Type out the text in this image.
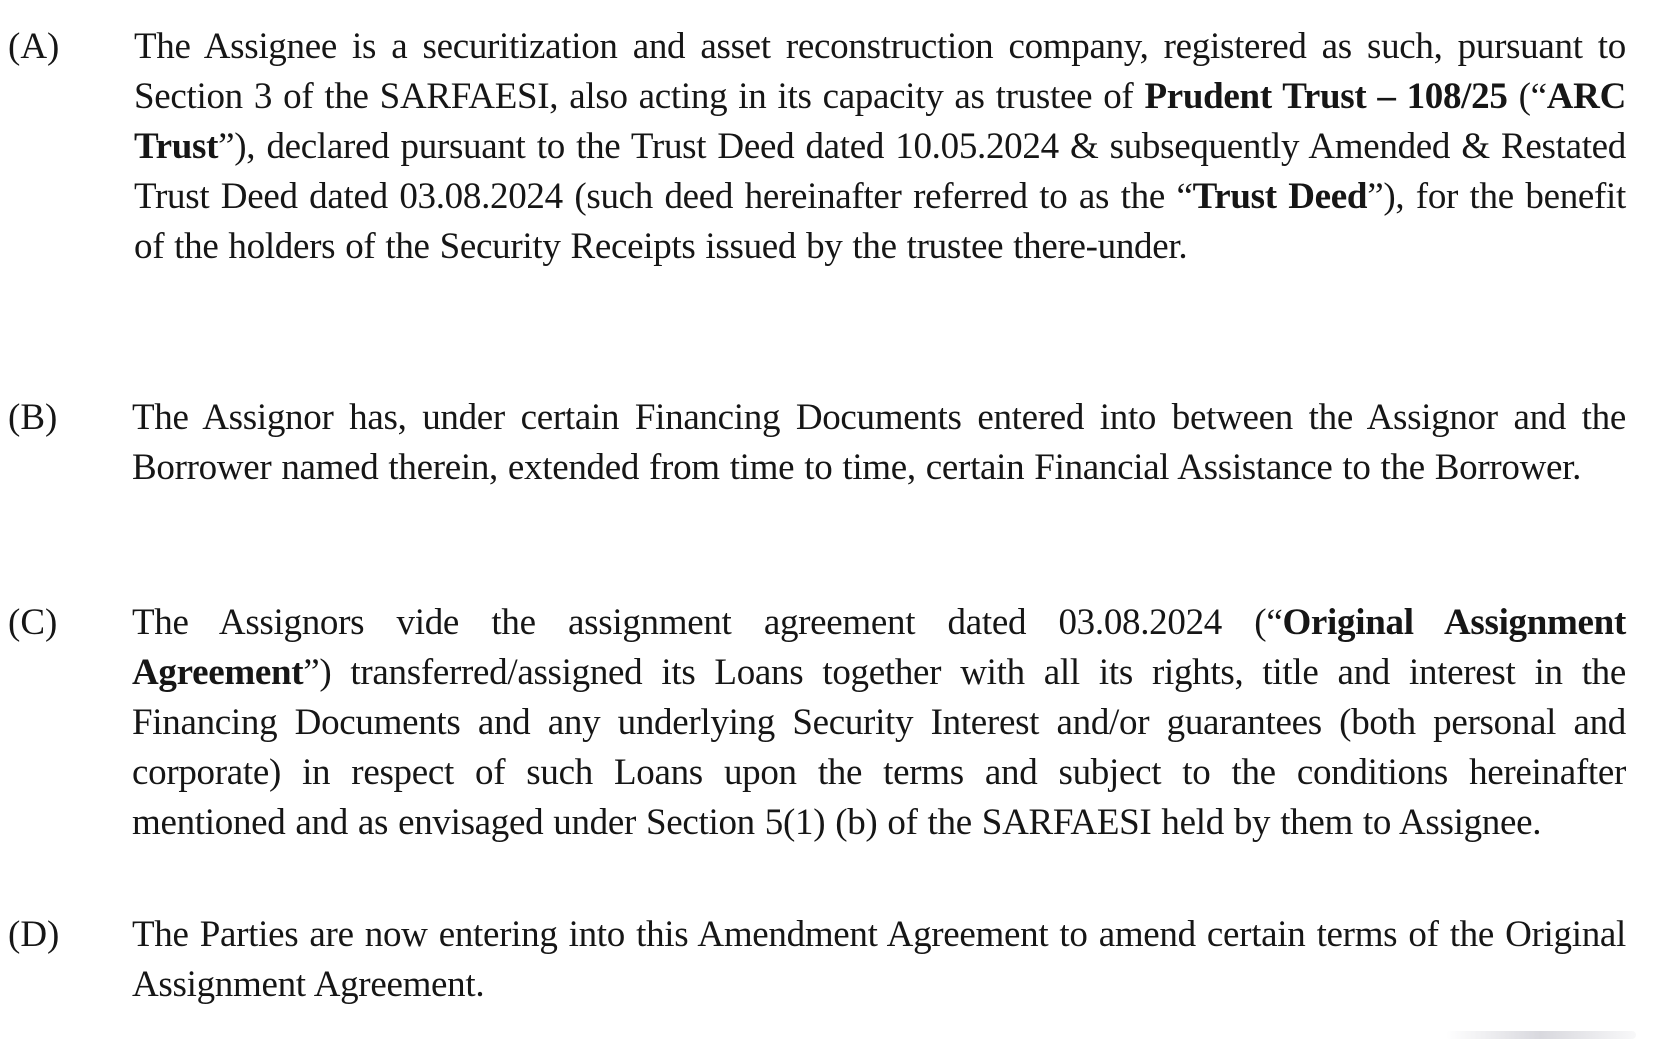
(A) The Assignee is a securitization and asset reconstruction company, registered as such, pursuant to Section 3 of the SARFAESI, also acting in its capacity as trustee of Prudent Trust – 108/25 (“ARC Trust”), declared pursuant to the Trust Deed dated 10.05.2024 & subsequently Amended & Restated Trust Deed dated 03.08.2024 (such deed hereinafter referred to as the “Trust Deed”), for the benefit of the holders of the Security Receipts issued by the trustee there-under.
(B) The Assignor has, under certain Financing Documents entered into between the Assignor and the Borrower named therein, extended from time to time, certain Financial Assistance to the Borrower.
(C) The Assignors vide the assignment agreement dated 03.08.2024 (“Original Assignment Agreement”) transferred/assigned its Loans together with all its rights, title and interest in the Financing Documents and any underlying Security Interest and/or guarantees (both personal and corporate) in respect of such Loans upon the terms and subject to the conditions hereinafter mentioned and as envisaged under Section 5(1) (b) of the SARFAESI held by them to Assignee.
(D) The Parties are now entering into this Amendment Agreement to amend certain terms of the Original Assignment Agreement.
